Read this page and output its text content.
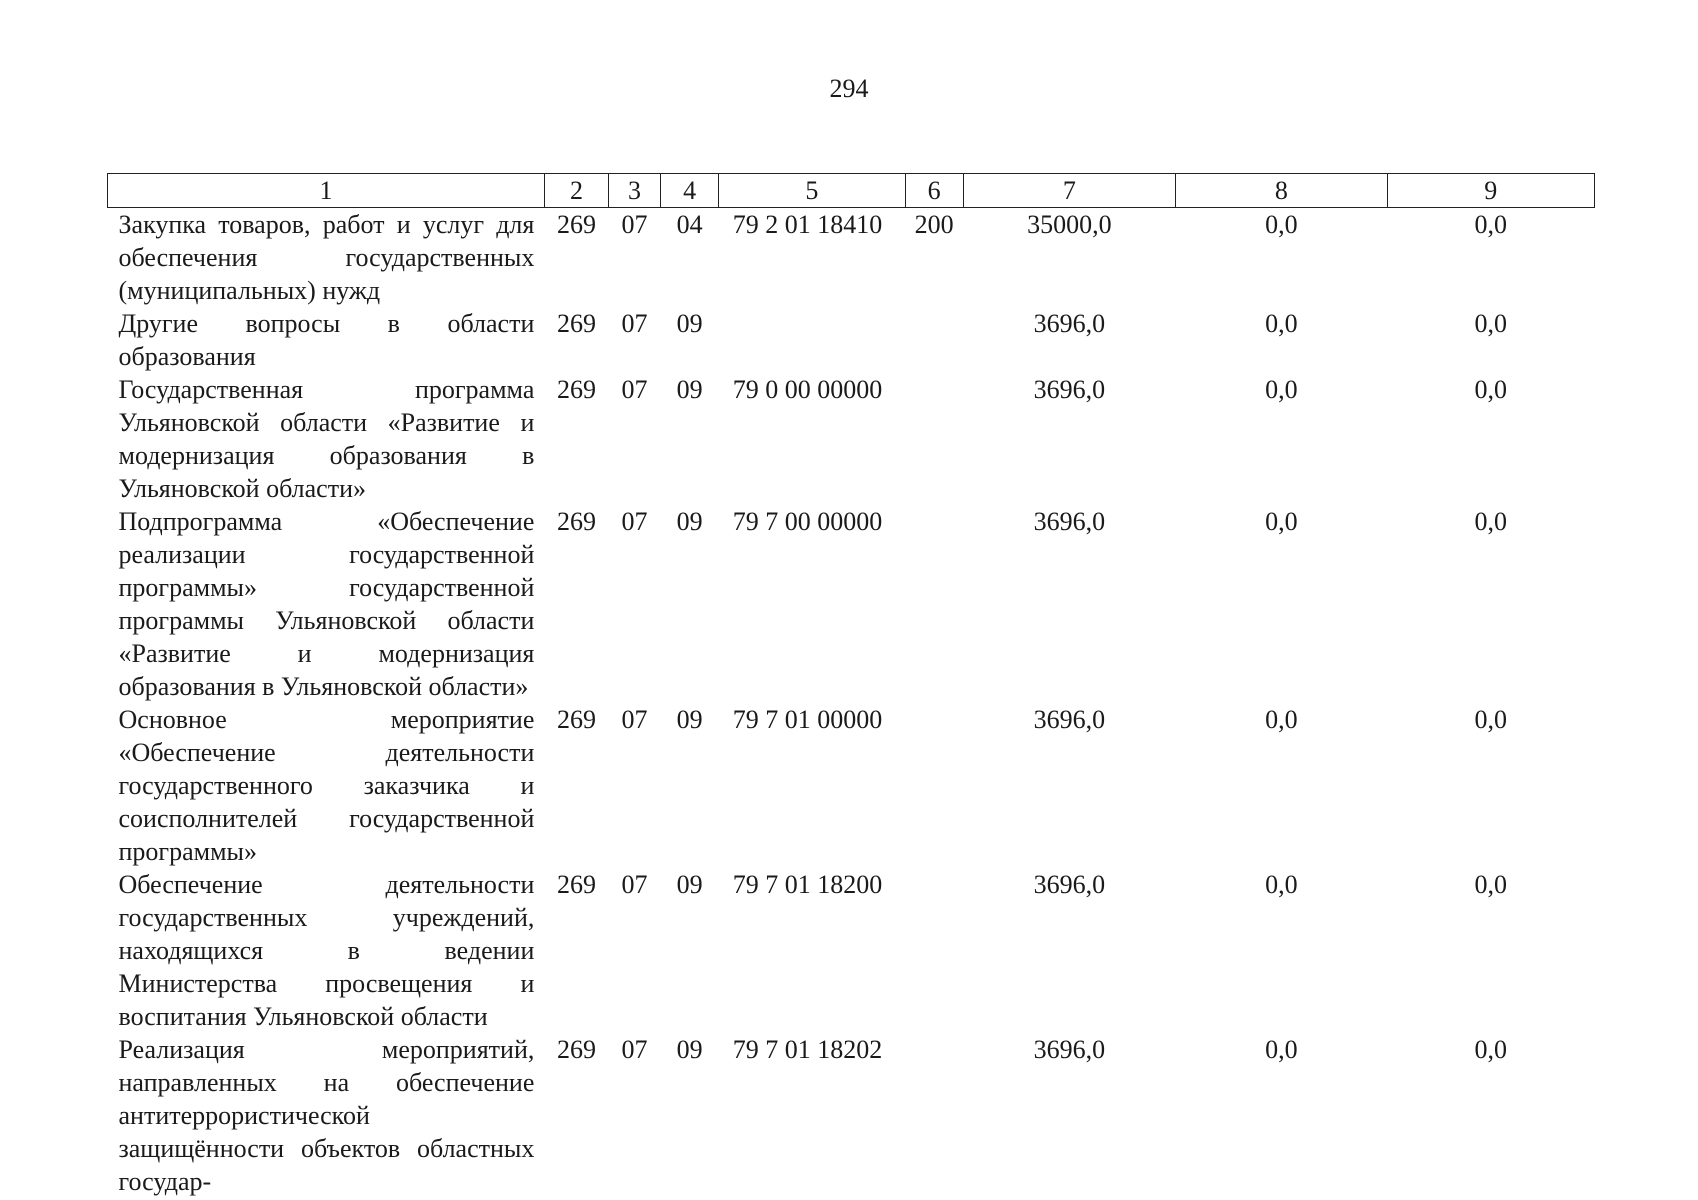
294
1	2	3	4	5	6	7	8	9
Закупка товаров, работ и услуг для обеспечения государственных (муниципальных) нужд	269	07	04	79 2 01 18410	200	35000,0	0,0	0,0
Другие вопросы в области образования	269	07	09			3696,0	0,0	0,0
Государственная программа Ульяновской области «Развитие и модернизация образования в Ульяновской области»	269	07	09	79 0 00 00000		3696,0	0,0	0,0
Подпрограмма «Обеспечение реализации государственной программы» государственной программы Ульяновской области «Развитие и модернизация образования в Ульяновской области»	269	07	09	79 7 00 00000		3696,0	0,0	0,0
Основное мероприятие «Обеспечение деятельности государственного заказчика и соисполнителей государственной программы»	269	07	09	79 7 01 00000		3696,0	0,0	0,0
Обеспечение деятельности государственных учреждений, находящихся в ведении Министерства просвещения и воспитания Ульяновской области	269	07	09	79 7 01 18200		3696,0	0,0	0,0
Реализация мероприятий, направленных на обеспечение антитеррористической защищённости объектов областных государ-	269	07	09	79 7 01 18202		3696,0	0,0	0,0
